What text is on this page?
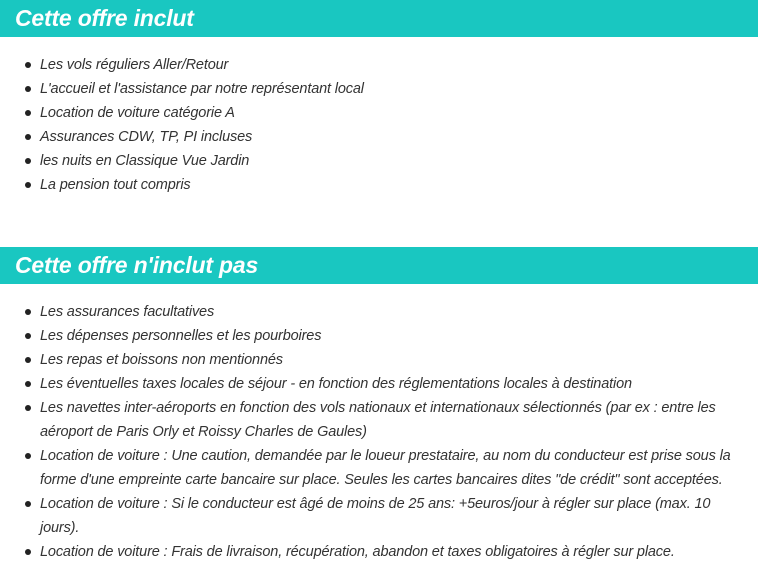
Cette offre inclut
Les vols réguliers Aller/Retour
L'accueil et l'assistance par notre représentant local
Location de voiture catégorie A
Assurances CDW, TP, PI incluses
les nuits en Classique Vue Jardin
La pension tout compris
Cette offre n'inclut pas
Les assurances facultatives
Les dépenses personnelles et les pourboires
Les repas et boissons non mentionnés
Les éventuelles taxes locales de séjour - en fonction des réglementations locales à destination
Les navettes inter-aéroports en fonction des vols nationaux et internationaux sélectionnés (par ex : entre les aéroport de Paris Orly et Roissy Charles de Gaules)
Location de voiture : Une caution, demandée par le loueur prestataire, au nom du conducteur est prise sous la forme d'une empreinte carte bancaire sur place. Seules les cartes bancaires dites "de crédit" sont acceptées.
Location de voiture : Si le conducteur est âgé de moins de 25 ans: +5euros/jour à régler sur place (max. 10 jours).
Location de voiture : Frais de livraison, récupération, abandon et taxes obligatoires à régler sur place.
